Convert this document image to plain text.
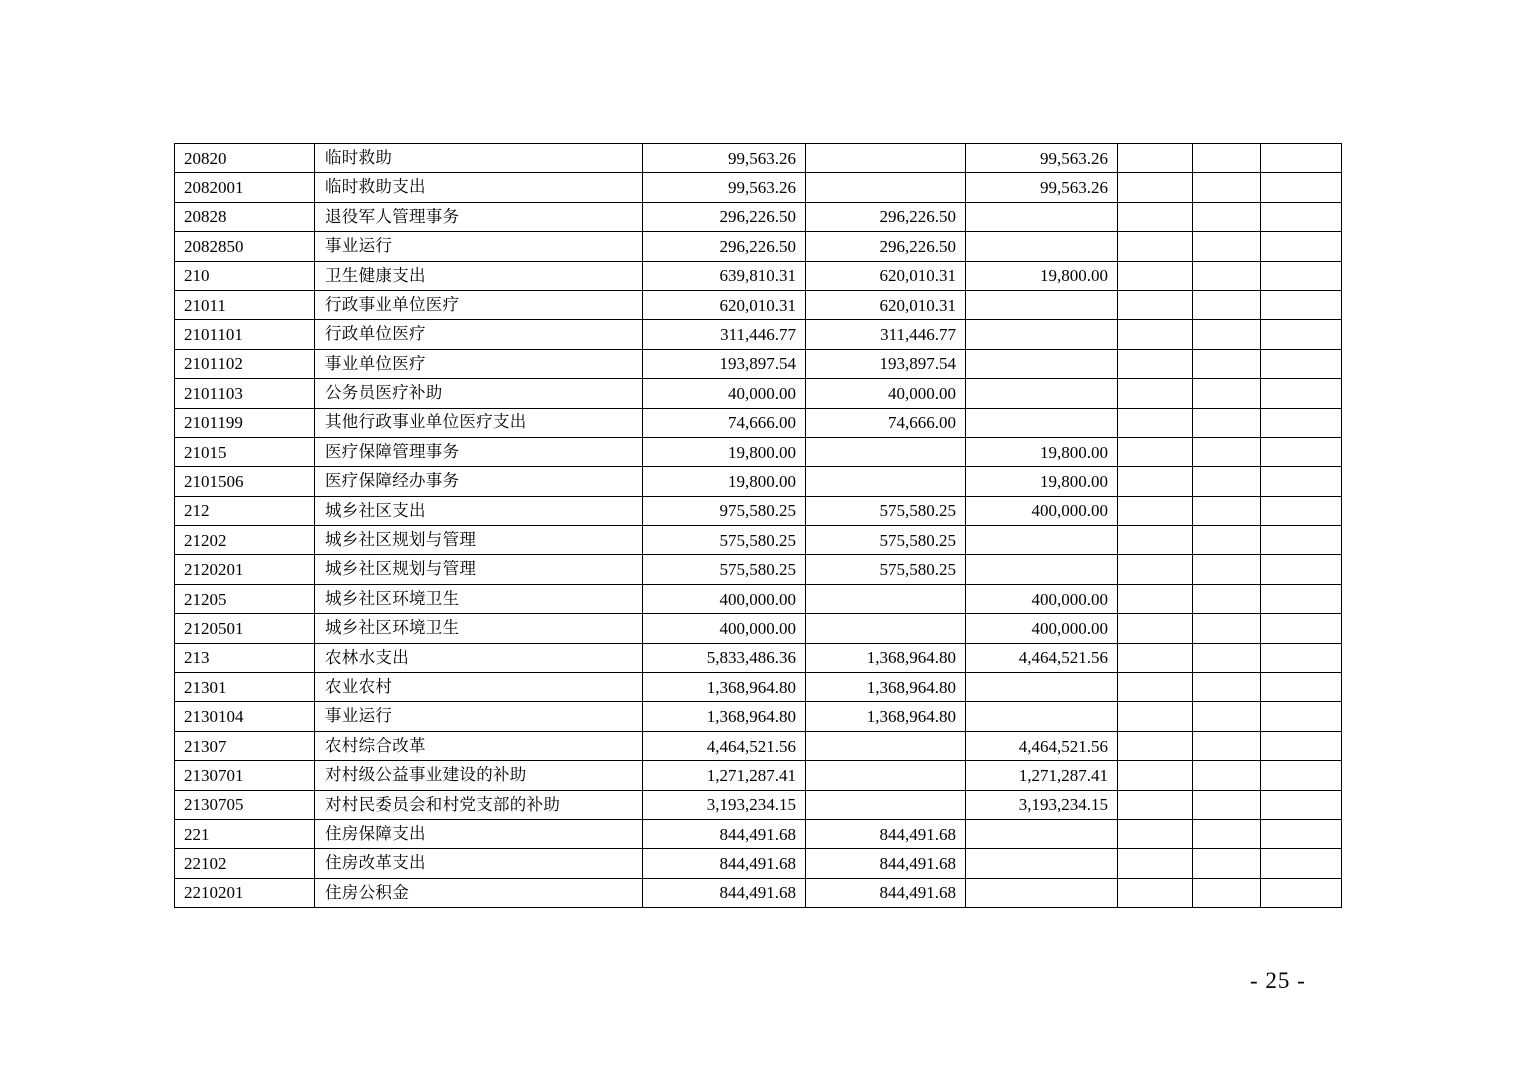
20820	临时救助	99,563.26		99,563.26			
2082001	临时救助支出	99,563.26		99,563.26			
20828	退役军人管理事务	296,226.50	296,226.50				
2082850	事业运行	296,226.50	296,226.50				
210	卫生健康支出	639,810.31	620,010.31	19,800.00			
21011	行政事业单位医疗	620,010.31	620,010.31				
2101101	行政单位医疗	311,446.77	311,446.77				
2101102	事业单位医疗	193,897.54	193,897.54				
2101103	公务员医疗补助	40,000.00	40,000.00				
2101199	其他行政事业单位医疗支出	74,666.00	74,666.00				
21015	医疗保障管理事务	19,800.00		19,800.00			
2101506	医疗保障经办事务	19,800.00		19,800.00			
212	城乡社区支出	975,580.25	575,580.25	400,000.00			
21202	城乡社区规划与管理	575,580.25	575,580.25				
2120201	城乡社区规划与管理	575,580.25	575,580.25				
21205	城乡社区环境卫生	400,000.00		400,000.00			
2120501	城乡社区环境卫生	400,000.00		400,000.00			
213	农林水支出	5,833,486.36	1,368,964.80	4,464,521.56			
21301	农业农村	1,368,964.80	1,368,964.80				
2130104	事业运行	1,368,964.80	1,368,964.80				
21307	农村综合改革	4,464,521.56		4,464,521.56			
2130701	对村级公益事业建设的补助	1,271,287.41		1,271,287.41			
2130705	对村民委员会和村党支部的补助	3,193,234.15		3,193,234.15			
221	住房保障支出	844,491.68	844,491.68				
22102	住房改革支出	844,491.68	844,491.68				
2210201	住房公积金	844,491.68	844,491.68				
- 25 -
